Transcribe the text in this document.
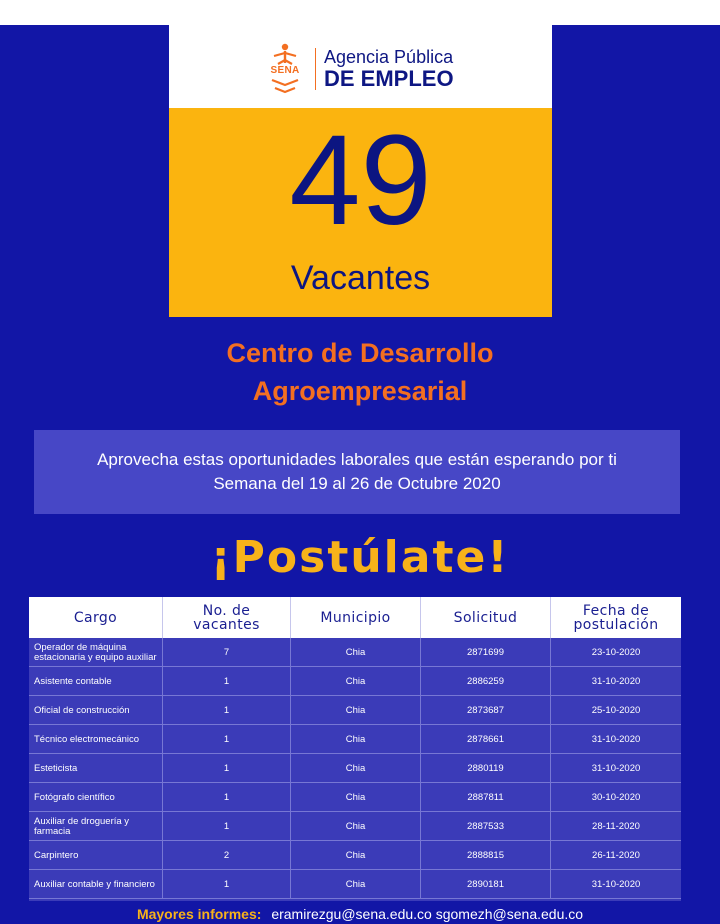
SENA
Agencia Pública
DE EMPLEO
49
Vacantes
Centro de Desarrollo
Agroempresarial
Aprovecha estas oportunidades laborales que están esperando por ti
Semana del 19 al 26 de Octubre 2020
¡Postúlate!
Cargo	No. de vacantes	Municipio	Solicitud	Fecha de postulación
Operador de máquina estacionaria y equipo auxiliar	7	Chia	2871699	23-10-2020
Asistente contable	1	Chia	2886259	31-10-2020
Oficial de construcción	1	Chia	2873687	25-10-2020
Técnico electromecánico	1	Chia	2878661	31-10-2020
Esteticista	1	Chia	2880119	31-10-2020
Fotógrafo científico	1	Chia	2887811	30-10-2020
Auxiliar de droguería y farmacia	1	Chia	2887533	28-11-2020
Carpintero	2	Chia	2888815	26-11-2020
Auxiliar contable y financiero	1	Chia	2890181	31-10-2020
Mayores informes: eramirezgu@sena.edu.co sgomezh@sena.edu.co
